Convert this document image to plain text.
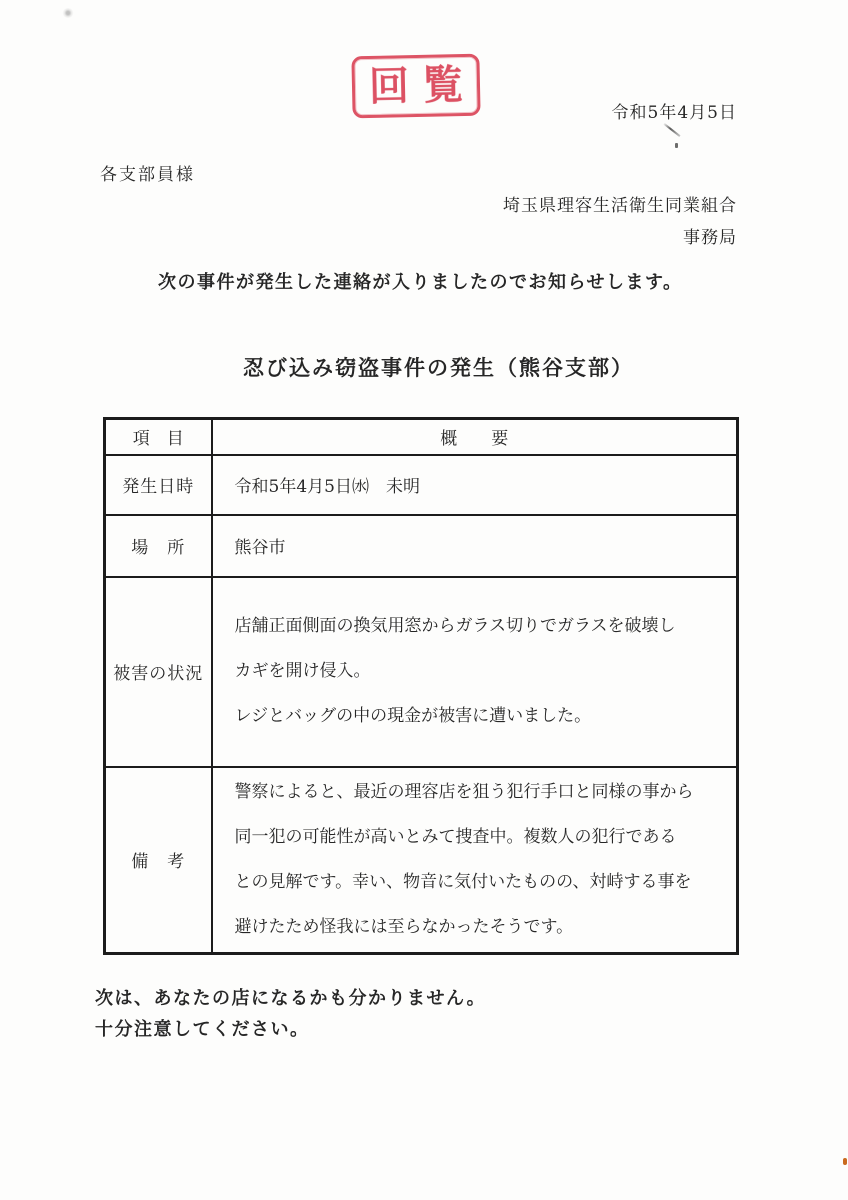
回覧
令和5年4月5日
各支部員様
埼玉県理容生活衛生同業組合
事務局
次の事件が発生した連絡が入りましたのでお知らせします。
忍び込み窃盗事件の発生（熊谷支部）
項　目	概　　要
発生日時	令和5年4月5日㈬　未明
場　所	熊谷市
被害の状況	店舗正面側面の換気用窓からガラス切りでガラスを破壊し
カギを開け侵入。
レジとバッグの中の現金が被害に遭いました。

備　考	警察によると、最近の理容店を狙う犯行手口と同様の事から
同一犯の可能性が高いとみて捜査中。複数人の犯行である
との見解です。幸い、物音に気付いたものの、対峙する事を
避けたため怪我には至らなかったそうです。
次は、あなたの店になるかも分かりません。
十分注意してください。
